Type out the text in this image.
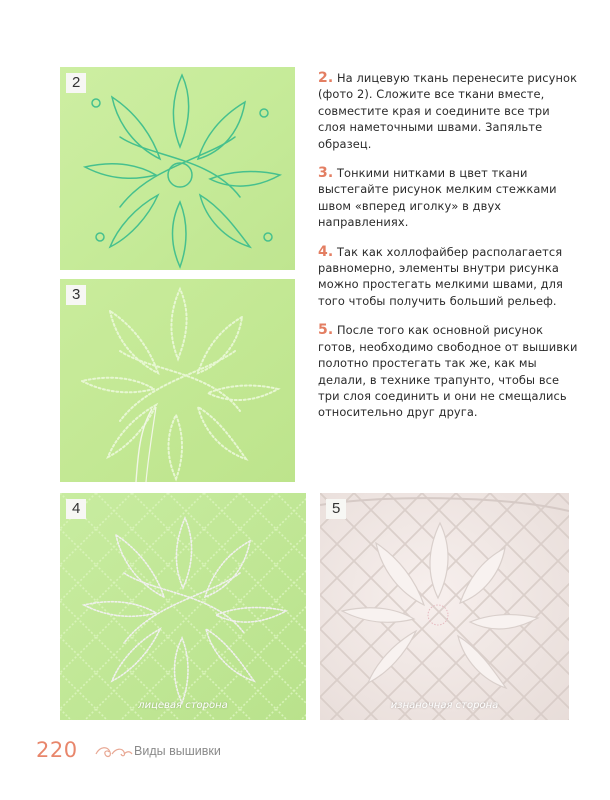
2
3
4
лицевая сторона
5
изнаночная сторона

2. На лицевую ткань перенесите рисунок (фото 2). Сложите все ткани вместе, совместите края и соедините все три слоя наметочными швами. Запяльте образец.

3. Тонкими нитками в цвет ткани выстегайте рисунок мелким стежками швом «вперед иголку» в двух направлениях.

4. Так как холлофайбер располагается равномерно, элементы внутри рисунка можно простегать мелкими швами, для того чтобы получить больший рельеф.

5. После того как основной рисунок готов, необходимо свободное от вышивки полотно простегать так же, как мы делали, в технике трапунто, чтобы все три слоя соединить и они не смещались относительно друг друга.

220	Виды вышивки
